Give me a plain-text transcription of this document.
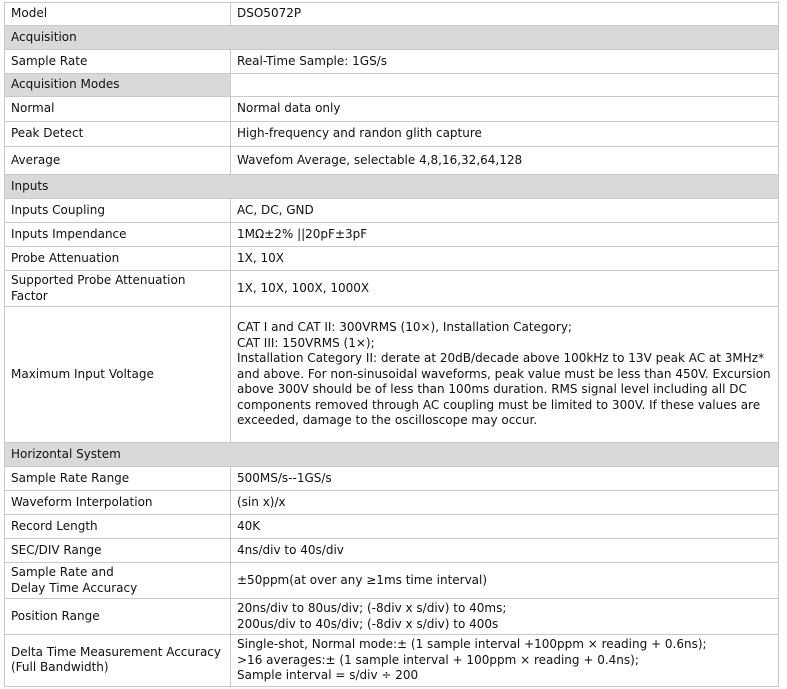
Model	DSO5072P
Acquisition	
Sample Rate	Real-Time Sample: 1GS/s
Acquisition Modes	
Normal	Normal data only
Peak Detect	High-frequency and randon glith capture
Average	Wavefom Average, selectable 4,8,16,32,64,128
Inputs	
Inputs Coupling	AC, DC, GND
Inputs Impendance	1MΩ±2% ||20pF±3pF
Probe Attenuation	1X, 10X
Supported Probe Attenuation Factor	1X, 10X, 100X, 1000X
Maximum Input Voltage	CAT I and CAT II: 300VRMS (10×), Installation Category;
CAT III: 150VRMS (1×);
Installation Category II: derate at 20dB/decade above 100kHz to 13V peak AC at 3MHz* and above. For non-sinusoidal waveforms, peak value must be less than 450V. Excursion above 300V should be of less than 100ms duration. RMS signal level including all DC components removed through AC coupling must be limited to 300V. If these values are exceeded, damage to the oscilloscope may occur.
Horizontal System	
Sample Rate Range	500MS/s--1GS/s
Waveform Interpolation	(sin x)/x
Record Length	40K
SEC/DIV Range	4ns/div to 40s/div
Sample Rate and
Delay Time Accuracy	±50ppm(at over any ≥1ms time interval)
Position Range	20ns/div to 80us/div; (-8div x s/div) to 40ms;
200us/div to 40s/div; (-8div x s/div) to 400s
Delta Time Measurement Accuracy
(Full Bandwidth)	Single-shot, Normal mode:± (1 sample interval +100ppm × reading + 0.6ns);
>16 averages:± (1 sample interval + 100ppm × reading + 0.4ns);
Sample interval = s/div ÷ 200
